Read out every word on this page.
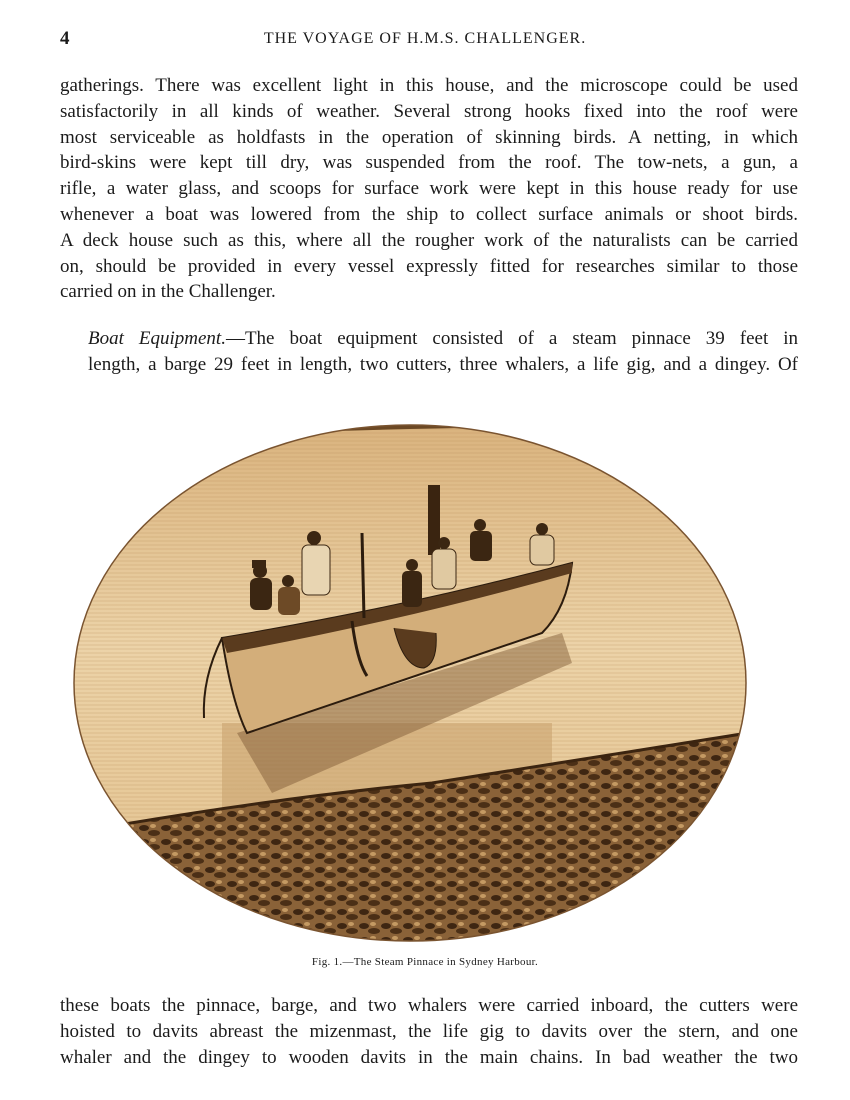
4	THE VOYAGE OF H.M.S. CHALLENGER.

gatherings. There was excellent light in this house, and the microscope could be used
satisfactorily in all kinds of weather. Several strong hooks fixed into the roof were
most serviceable as holdfasts in the operation of skinning birds. A netting, in which
bird-skins were kept till dry, was suspended from the roof. The tow-nets, a gun, a
rifle, a water glass, and scoops for surface work were kept in this house ready for use
whenever a boat was lowered from the ship to collect surface animals or shoot birds.
A deck house such as this, where all the rougher work of the naturalists can be carried
on, should be provided in every vessel expressly fitted for researches similar to those
carried on in the Challenger.

Boat Equipment.—The boat equipment consisted of a steam pinnace 39 feet in
length, a barge 29 feet in length, two cutters, three whalers, a life gig, and a dingey. Of

Fig. 1.—The Steam Pinnace in Sydney Harbour.

these boats the pinnace, barge, and two whalers were carried inboard, the cutters were
hoisted to davits abreast the mizenmast, the life gig to davits over the stern, and one
whaler and the dingey to wooden davits in the main chains. In bad weather the two
